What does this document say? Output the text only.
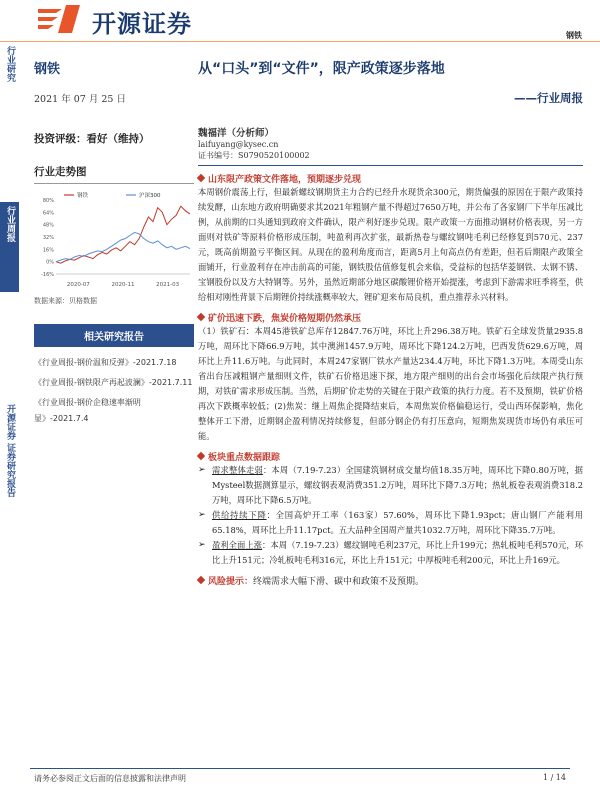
开源证券	钢铁
行业研究
行业周报
开源证券 证券研究报告
钢铁
2021 年 07 月 25 日
投资评级：看好（维持）
行业走势图
-16%
0%
16%
32%
48%
64%
80%
2020-07	2020-11	2021-03
钢铁	沪深300
数据来源：贝格数据
相关研究报告
《行业周报-钢价温和反弹》-2021.7.18
《行业周报-钢铁限产再起波澜》-2021.7.11
《行业周报-钢价企稳速率渐明显》-2021.7.4
从“口头”到“文件”，限产政策逐步落地
——行业周报
魏福洋（分析师）
laifuyang@kysec.cn
证书编号：S0790520100002
山东限产政策文件落地，预期逐步兑现
本周钢价震荡上行，但最新螺纹钢期货主力合约已经升水现货余300元，期货偏强的原因在于限产政策持续发酵，山东地方政府明确要求其2021年粗钢产量不得超过7650万吨，并公布了各家钢厂下半年压减比例，从前期的口头通知到政府文件确认，限产利好逐步兑现。限产政策一方面推动钢材价格表现，另一方面则对铁矿等原料价格形成压制，吨盈利再次扩张，最新热卷与螺纹钢吨毛利已经修复到570元、237元，既高前期盈亏平衡区间。从现在的盈利角度而言，距离5月上旬高点仍有差距，但若后期限产政策全面铺开，行业盈利存在冲击前高的可能，钢铁股估值修复机会来临，受益标的包括华菱钢铁、太钢不锈、宝钢股份以及方大特钢等。另外，虽然近期部分地区碳酸锂价格开始提涨，考虑到下游需求旺季将至，供给相对刚性背景下后期锂价持续涨概率较大，锂矿迎来布局良机，重点推荐永兴材料。
矿价迅速下跌，焦炭价格短期仍然承压
（1）铁矿石：本周45港铁矿总库存12847.76万吨，环比上升296.38万吨。铁矿石全球发货量2935.8万吨，周环比下降66.9万吨，其中澳洲1457.9万吨，周环比下降124.2万吨，巴西发货629.6万吨，周环比上升11.6万吨。与此同时，本周247家钢厂铁水产量达234.4万吨，环比下降1.3万吨。本周受山东省出台压减粗钢产量细则文件，铁矿石价格迅速下探，地方限产细则的出台会市场强化后续限产执行预期，对铁矿需求形成压制。当然，后期矿价走势的关键在于限产政策的执行力度。若不及预期，铁矿价格再次下跌概率较低；(2)焦炭：继上周焦企提降结束后，本周焦炭价格偏稳运行，受山西环保影响，焦化整体开工下滑，近期钢企盈利情况持续修复，但部分钢企仍有打压意向，短期焦炭现货市场仍有承压可能。
板块重点数据跟踪
➢ 需求整体走弱：本周（7.19-7.23）全国建筑钢材成交量均值18.35万吨，周环比下降0.80万吨，据Mysteel数据测算显示，螺纹钢表观消费351.2万吨，周环比下降7.3万吨；热轧板卷表观消费318.2万吨，周环比下降6.5万吨。
➢ 供给持续下降：全国高炉开工率（163家）57.60%，周环比下降1.93pct；唐山钢厂产能利用65.18%，周环比上升11.17pct。五大品种全国周产量共1032.7万吨，周环比下降35.7万吨。
➢ 盈利全面上涨：本周（7.19-7.23）螺纹钢吨毛利237元，环比上升199元；热轧板吨毛利570元，环比上升151元；冷轧板吨毛利316元，环比上升151元；中厚板吨毛利200元，环比上升169元。
风险提示：终端需求大幅下滑、碳中和政策不及预期。
请务必参阅正文后面的信息披露和法律声明	1 / 14
